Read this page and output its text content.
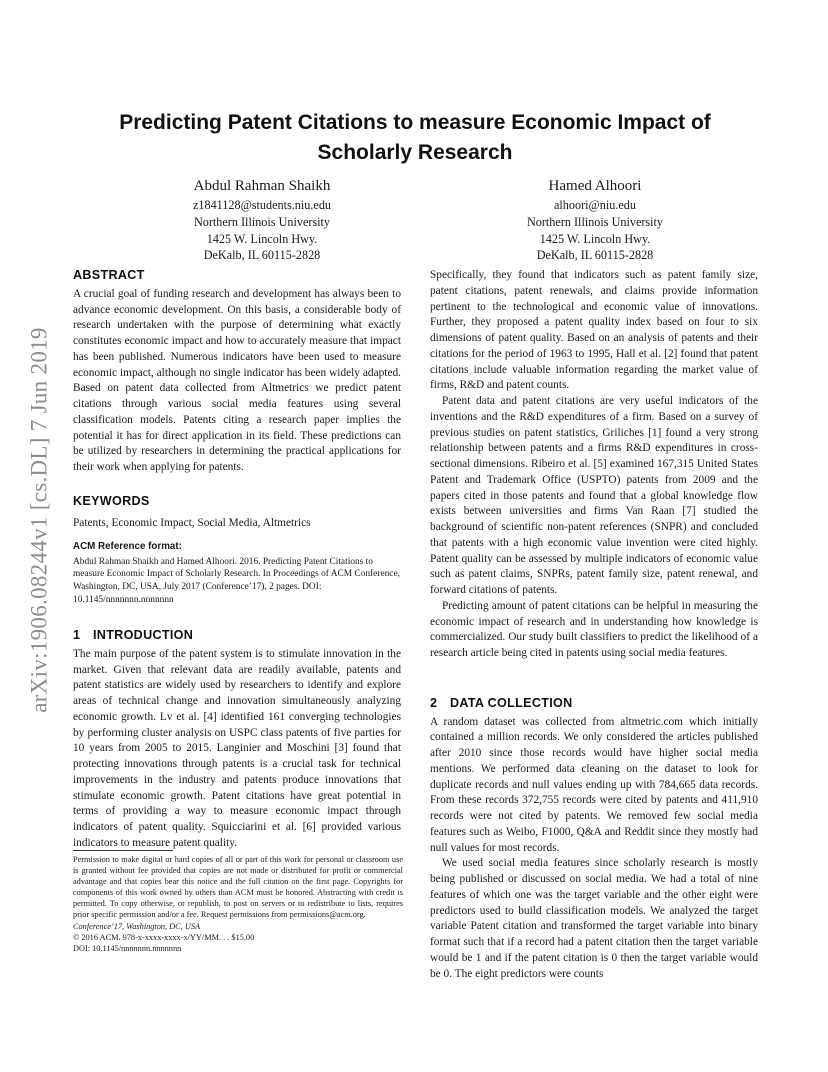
arXiv:1906.08244v1 [cs.DL] 7 Jun 2019
Predicting Patent Citations to measure Economic Impact of Scholarly Research
Abdul Rahman Shaikh
z1841128@students.niu.edu
Northern Illinois University
1425 W. Lincoln Hwy.
DeKalb, IL 60115-2828
Hamed Alhoori
alhoori@niu.edu
Northern Illinois University
1425 W. Lincoln Hwy.
DeKalb, IL 60115-2828
ABSTRACT

A crucial goal of funding research and development has always been to advance economic development. On this basis, a considerable body of research undertaken with the purpose of determining what exactly constitutes economic impact and how to accurately measure that impact has been published. Numerous indicators have been used to measure economic impact, although no single indicator has been widely adapted. Based on patent data collected from Altmetrics we predict patent citations through various social media features using several classification models. Patents citing a research paper implies the potential it has for direct application in its field. These predictions can be utilized by researchers in determining the practical applications for their work when applying for patents.

KEYWORDS

Patents, Economic Impact, Social Media, Altmetrics

ACM Reference format:

Abdul Rahman Shaikh and Hamed Alhoori. 2016. Predicting Patent Citations to measure Economic Impact of Scholarly Research. In Proceedings of ACM Conference, Washington, DC, USA, July 2017 (Conference’17), 2 pages. DOI: 10.1145/nnnnnnn.nnnnnnn

1 INTRODUCTION

The main purpose of the patent system is to stimulate innovation in the market. Given that relevant data are readily available, patents and patent statistics are widely used by researchers to identify and explore areas of technical change and innovation simultaneously analyzing economic growth. Lv et al. [4] identified 161 converging technologies by performing cluster analysis on USPC class patents of five parties for 10 years from 2005 to 2015. Langinier and Moschini [3] found that protecting innovations through patents is a crucial task for technical improvements in the industry and patents produce innovations that stimulate economic growth. Patent citations have great potential in terms of providing a way to measure economic impact through indicators of patent quality. Squicciarini et al. [6] provided various indicators to measure patent quality.

Permission to make digital or hard copies of all or part of this work for personal or classroom use is granted without fee provided that copies are not made or distributed for profit or commercial advantage and that copies bear this notice and the full citation on the first page. Copyrights for components of this work owned by others than ACM must be honored. Abstracting with credit is permitted. To copy otherwise, or republish, to post on servers or to redistribute to lists, requires prior specific permission and/or a fee. Request permissions from permissions@acm.org.

Conference’17, Washington, DC, USA
© 2016 ACM. 978-x-xxxx-xxxx-x/YY/MM. . . $15.00
DOI: 10.1145/nnnnnnn.nnnnnnn

Specifically, they found that indicators such as patent family size, patent citations, patent renewals, and claims provide information pertinent to the technological and economic value of innovations. Further, they proposed a patent quality index based on four to six dimensions of patent quality. Based on an analysis of patents and their citations for the period of 1963 to 1995, Hall et al. [2] found that patent citations include valuable information regarding the market value of firms, R&D and patent counts.

Patent data and patent citations are very useful indicators of the inventions and the R&D expenditures of a firm. Based on a survey of previous studies on patent statistics, Griliches [1] found a very strong relationship between patents and a firms R&D expenditures in cross-sectional dimensions. Ribeiro et al. [5] examined 167,315 United States Patent and Trademark Office (USPTO) patents from 2009 and the papers cited in those patents and found that a global knowledge flow exists between universities and firms Van Raan [7] studied the background of scientific non-patent references (SNPR) and concluded that patents with a high economic value invention were cited highly. Patent quality can be assessed by multiple indicators of economic value such as patent claims, SNPRs, patent family size, patent renewal, and forward citations of patents.

Predicting amount of patent citations can be helpful in measuring the economic impact of research and in understanding how knowledge is commercialized. Our study built classifiers to predict the likelihood of a research article being cited in patents using social media features.

2 DATA COLLECTION

A random dataset was collected from altmetric.com which initially contained a million records. We only considered the articles published after 2010 since those records would have higher social media mentions. We performed data cleaning on the dataset to look for duplicate records and null values ending up with 784,665 data records. From these records 372,755 records were cited by patents and 411,910 records were not cited by patents. We removed few social media features such as Weibo, F1000, Q&A and Reddit since they mostly had null values for most records.

We used social media features since scholarly research is mostly being published or discussed on social media. We had a total of nine features of which one was the target variable and the other eight were predictors used to build classification models. We analyzed the target variable Patent citation and transformed the target variable into binary format such that if a record had a patent citation then the target variable would be 1 and if the patent citation is 0 then the target variable would be 0. The eight predictors were counts
